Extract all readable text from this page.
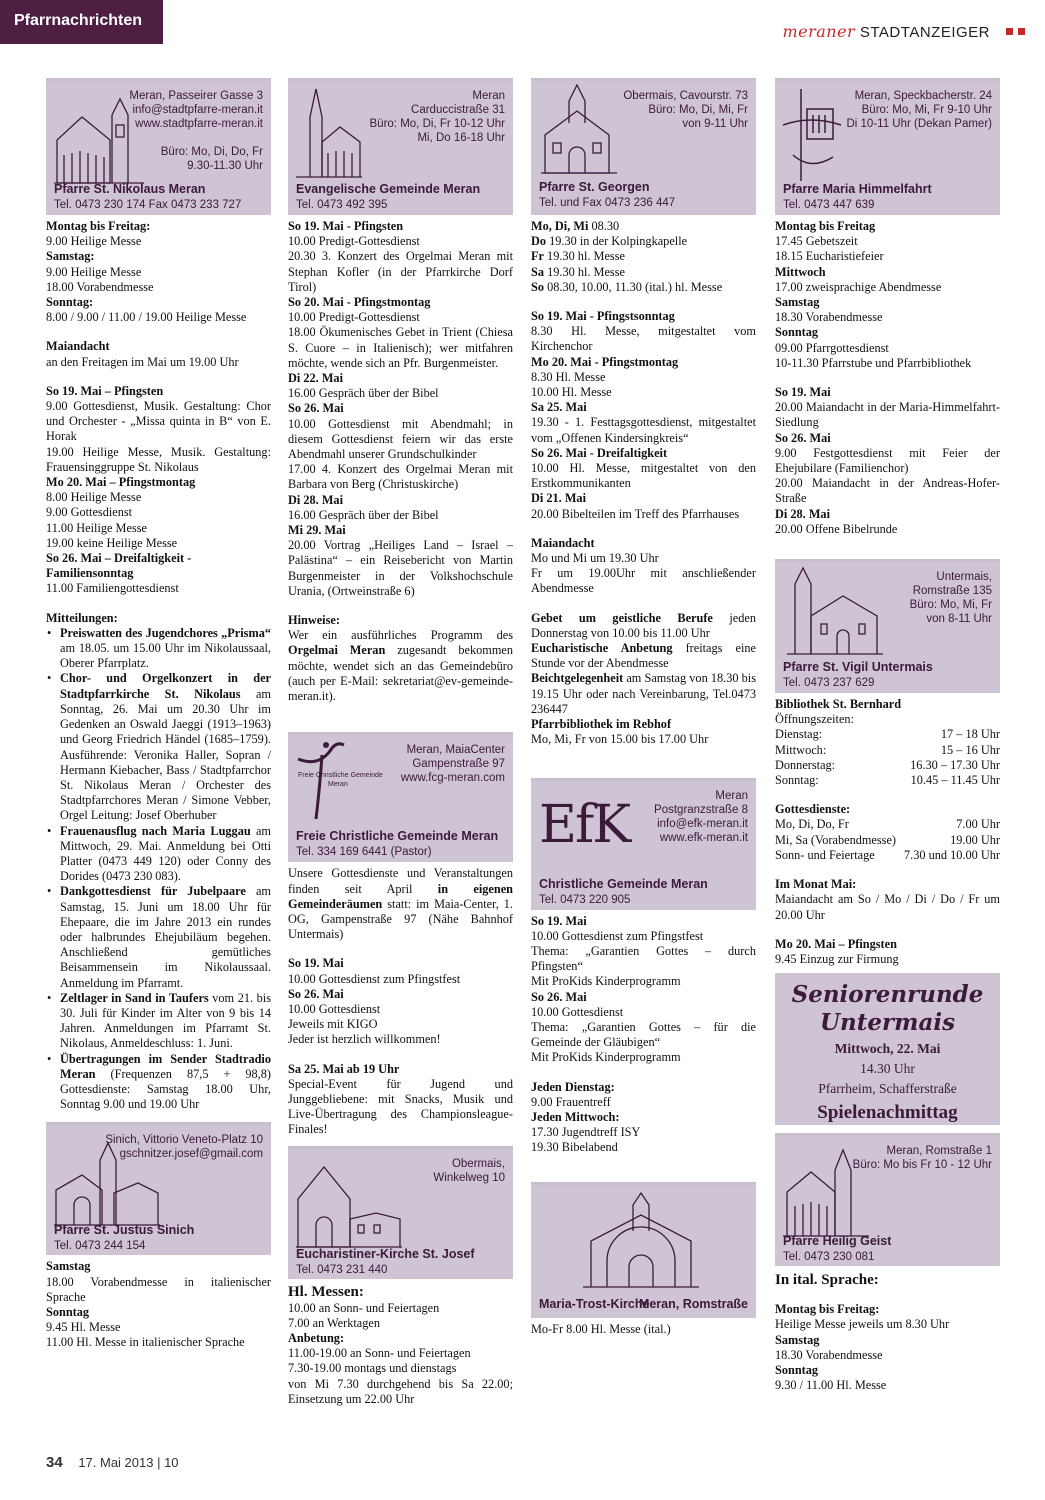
Pfarrnachrichten
meraner STADTANZEIGER
Meran, Passeirer Gasse 3
info@stadtpfarre-meran.it
www.stadtpfarre-meran.it

Büro: Mo, Di, Do, Fr
9.30-11.30 Uhr
Pfarre St. Nikolaus Meran
Tel. 0473 230 174 Fax 0473 233 727

Montag bis Freitag:

9.00 Heilige Messe

Samstag:

9.00 Heilige Messe

18.00 Vorabendmesse

Sonntag:

8.00 / 9.00 / 11.00 / 19.00 Heilige Messe

Maiandacht

an den Freitagen im Mai um 19.00 Uhr

So 19. Mai – Pfingsten

9.00 Gottesdienst, Musik. Gestaltung: Chor und Orchester - „Missa quinta in B“ von E. Horak

19.00 Heilige Messe, Musik. Gestaltung: Frauensinggruppe St. Nikolaus

Mo 20. Mai – Pfingstmontag

8.00 Heilige Messe

9.00 Gottesdienst

11.00 Heilige Messe

19.00 keine Heilige Messe

So 26. Mai – Dreifaltigkeit - Familiensonntag

11.00 Familiengottesdienst

Mitteilungen:

• Preiswatten des Jugendchores „Prisma“ am 18.05. um 15.00 Uhr im Nikolaussaal, Oberer Pfarrplatz.
• Chor- und Orgelkonzert in der Stadtpfarrkirche St. Nikolaus am Sonntag, 26. Mai um 20.30 Uhr im Gedenken an Oswald Jaeggi (1913–1963) und Georg Friedrich Händel (1685–1759). Ausführende: Veronika Haller, Sopran / Hermann Kiebacher, Bass / Stadtpfarrchor St. Nikolaus Meran / Orchester des Stadtpfarrchores Meran / Simone Vebber, Orgel Leitung: Josef Oberhuber
• Frauenausflug nach Maria Luggau am Mittwoch, 29. Mai. Anmeldung bei Otti Platter (0473 449 120) oder Conny des Dorides (0473 230 083).
• Dankgottesdienst für Jubelpaare am Samstag, 15. Juni um 18.00 Uhr für Ehepaare, die im Jahre 2013 ein rundes oder halbrundes Ehejubiläum begehen. Anschließend gemütliches Beisammensein im Nikolaussaal. Anmeldung im Pfarramt.
• Zeltlager in Sand in Taufers vom 21. bis 30. Juli für Kinder im Alter von 9 bis 14 Jahren. Anmeldungen im Pfarramt St. Nikolaus, Anmeldeschluss: 1. Juni.
• Übertragungen im Sender Stadtradio Meran (Frequenzen 87,5 + 98,8) Gottesdienste: Samstag 18.00 Uhr, Sonntag 9.00 und 19.00 Uhr
Sinich, Vittorio Veneto-Platz 10
gschnitzer.josef@gmail.com
Pfarre St. Justus Sinich
Tel. 0473 244 154

Samstag

18.00 Vorabendmesse in italienischer Sprache

Sonntag

9.45 Hl. Messe

11.00 Hl. Messe in italienischer Sprache

Meran
Carduccistraße 31
Büro: Mo, Di, Fr 10-12 Uhr
Mi, Do 16-18 Uhr
Evangelische Gemeinde Meran
Tel. 0473 492 395

So 19. Mai - Pfingsten

10.00 Predigt-Gottesdienst

20.30 3. Konzert des Orgelmai Meran mit Stephan Kofler (in der Pfarrkirche Dorf Tirol)

So 20. Mai - Pfingstmontag

10.00 Predigt-Gottesdienst

18.00 Ökumenisches Gebet in Trient (Chiesa S. Cuore – in Italienisch); wer mitfahren möchte, wende sich an Pfr. Burgenmeister.

Di 22. Mai

16.00 Gespräch über der Bibel

So 26. Mai

10.00 Gottesdienst mit Abendmahl; in diesem Gottesdienst feiern wir das erste Abendmahl unserer Grundschulkinder

17.00 4. Konzert des Orgelmai Meran mit Barbara von Berg (Christuskirche)

Di 28. Mai

16.00 Gespräch über der Bibel

Mi 29. Mai

20.00 Vortrag „Heiliges Land – Israel – Palästina“ – ein Reisebericht von Martin Burgenmeister in der Volkshochschule Urania, (Ortweinstraße 6)

Hinweise:

Wer ein ausführliches Programm des Orgelmai Meran zugesandt bekommen möchte, wendet sich an das Gemeindebüro (auch per E-Mail: sekretariat@ev-gemeinde-meran.it).

Freie Christliche Gemeinde
Meran
Meran, MaiaCenter
Gampenstraße 97
www.fcg-meran.com
Freie Christliche Gemeinde Meran
Tel. 334 169 6441 (Pastor)

Unsere Gottesdienste und Veranstaltungen finden seit April in eigenen Gemeinderäumen statt: im Maia-Center, 1. OG, Gampenstraße 97 (Nähe Bahnhof Untermais)

So 19. Mai

10.00 Gottesdienst zum Pfingstfest

So 26. Mai

10.00 Gottesdienst

Jeweils mit KIGO

Jeder ist herzlich willkommen!

Sa 25. Mai ab 19 Uhr

Special-Event für Jugend und Junggebliebene: mit Snacks, Musik und Live-Übertragung des Championsleague-Finales!

Obermais,
Winkelweg 10
Eucharistiner-Kirche St. Josef
Tel. 0473 231 440

Hl. Messen:

10.00 an Sonn- und Feiertagen

7.00 an Werktagen

Anbetung:

11.00-19.00 an Sonn- und Feiertagen

7.30-19.00 montags und dienstags

von Mi 7.30 durchgehend bis Sa 22.00; Einsetzung um 22.00 Uhr

Obermais, Cavourstr. 73
Büro: Mo, Di, Mi, Fr
von 9-11 Uhr
Pfarre St. Georgen
Tel. und Fax 0473 236 447

Mo, Di, Mi 08.30

Do 19.30 in der Kolpingkapelle

Fr 19.30 hl. Messe

Sa 19.30 hl. Messe

So 08.30, 10.00, 11.30 (ital.) hl. Messe

So 19. Mai - Pfingstsonntag

8.30 Hl. Messe, mitgestaltet vom Kirchenchor

Mo 20. Mai - Pfingstmontag

8.30 Hl. Messe

10.00 Hl. Messe

Sa 25. Mai

19.30 - 1. Festtagsgottesdienst, mitgestaltet vom „Offenen Kindersingkreis“

So 26. Mai - Dreifaltigkeit

10.00 Hl. Messe, mitgestaltet von den Erstkommunikanten

Di 21. Mai

20.00 Bibelteilen im Treff des Pfarrhauses

Maiandacht

Mo und Mi um 19.30 Uhr

Fr um 19.00Uhr mit anschließender Abendmesse

Gebet um geistliche Berufe jeden Donnerstag von 10.00 bis 11.00 Uhr

Eucharistische Anbetung freitags eine Stunde vor der Abendmesse

Beichtgelegenheit am Samstag von 18.30 bis 19.15 Uhr oder nach Vereinbarung, Tel.0473 236447

Pfarrbibliothek im Rebhof

Mo, Mi, Fr von 15.00 bis 17.00 Uhr

EfK	Meran
Postgranzstraße 8
info@efk-meran.it
www.efk-meran.it
Christliche Gemeinde Meran
Tel. 0473 220 905

So 19. Mai

10.00 Gottesdienst zum Pfingstfest

Thema: „Garantien Gottes – durch Pfingsten“

Mit ProKids Kinderprogramm

So 26. Mai

10.00 Gottesdienst

Thema: „Garantien Gottes – für die Gemeinde der Gläubigen“

Mit ProKids Kinderprogramm

Jeden Dienstag:

9.00 Frauentreff

Jeden Mittwoch:

17.30 Jugendtreff ISY

19.30 Bibelabend

Maria-Trost-Kirche
Meran, Romstraße

Mo-Fr 8.00 Hl. Messe (ital.)

Meran, Speckbacherstr. 24
Büro: Mo, Mi, Fr 9-10 Uhr
Di 10-11 Uhr (Dekan Pamer)
Pfarre Maria Himmelfahrt
Tel. 0473 447 639

Montag bis Freitag

17.45 Gebetszeit

18.15 Eucharistiefeier

Mittwoch

17.00 zweisprachige Abendmesse

Samstag

18.30 Vorabendmesse

Sonntag

09.00 Pfarrgottesdienst

10-11.30 Pfarrstube und Pfarrbibliothek

So 19. Mai

20.00 Maiandacht in der Maria-Himmelfahrt-Siedlung

So 26. Mai

9.00 Festgottesdienst mit Feier der Ehejubilare (Familienchor)

20.00 Maiandacht in der Andreas-Hofer-Straße

Di 28. Mai

20.00 Offene Bibelrunde

Untermais,
Romstraße 135
Büro: Mo, Mi, Fr
von 8-11 Uhr
Pfarre St. Vigil Untermais
Tel. 0473 237 629

Bibliothek St. Bernhard

Öffnungszeiten:

Dienstag:	17 – 18 Uhr
Mittwoch:	15 – 16 Uhr
Donnerstag:	16.30 – 17.30 Uhr
Sonntag:	10.45 – 11.45 Uhr

Gottesdienste:

Mo, Di, Do, Fr	7.00 Uhr
Mi, Sa (Vorabendmesse)	19.00 Uhr
Sonn- und Feiertage 7.30 und 10.00 Uhr

Im Monat Mai:

Maiandacht am So / Mo / Di / Do / Fr um 20.00 Uhr

Mo 20. Mai – Pfingsten

9.45 Einzug zur Firmung

Seniorenrunde
Untermais
Mittwoch, 22. Mai
14.30 Uhr
Pfarrheim, Schafferstraße
Spielenachmittag
Meran, Romstraße 1
Büro: Mo bis Fr 10 - 12 Uhr
Pfarre Heilig Geist
Tel. 0473 230 081

In ital. Sprache:

Montag bis Freitag:

Heilige Messe jeweils um 8.30 Uhr

Samstag

18.30 Vorabendmesse

Sonntag

9.30 / 11.00 Hl. Messe

34 17. Mai 2013 | 10
